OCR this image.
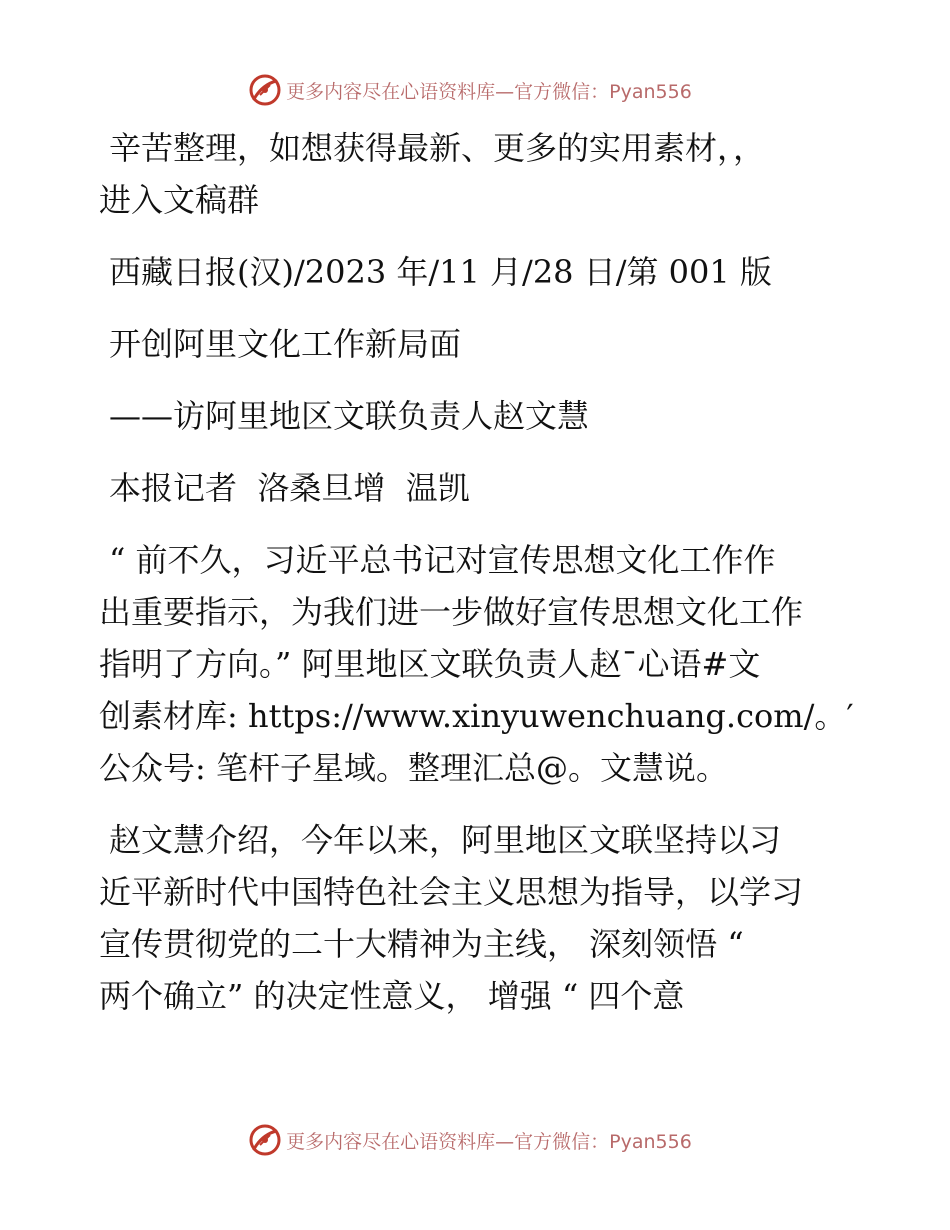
更多内容尽在心语资料库—官方微信：Pyan556
辛苦整理，如想获得最新、更多的实用素材，，
进入文稿群
西藏日报(汉)/2023 年/11 月/28 日/第 001 版
开创阿里文化工作新局面
——访阿里地区文联负责人赵文慧
本报记者  洛桑旦增  温凯
“ 前不久，习近平总书记对宣传思想文化工作作
出重要指示，为我们进一步做好宣传思想文化工作
指明了方向。” 阿里地区文联负责人赵¯心语#文
创素材库: https://www.xinyuwenchuang.com/。′
公众号: 笔杆子星域。整理汇总@。文慧说。
赵文慧介绍，今年以来，阿里地区文联坚持以习
近平新时代中国特色社会主义思想为指导，以学习
宣传贯彻党的二十大精神为主线， 深刻领悟 “
两个确立” 的决定性意义， 增强 “ 四个意
更多内容尽在心语资料库—官方微信：Pyan556
